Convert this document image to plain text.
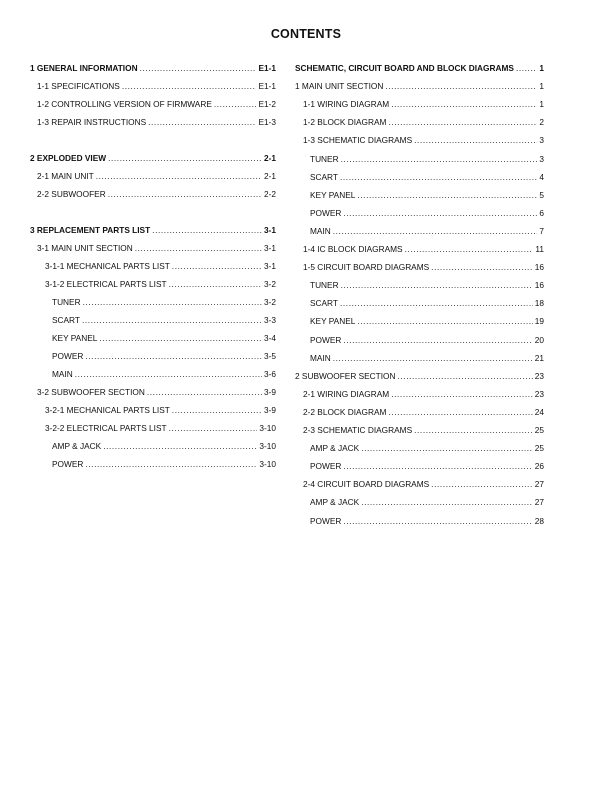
CONTENTS
1 GENERAL INFORMATION .....	E1-1
1-1 SPECIFICATIONS .....	E1-1
1-2 CONTROLLING VERSION OF FIRMWARE .....	E1-2
1-3 REPAIR INSTRUCTIONS .....	E1-3
2 EXPLODED VIEW .....	2-1
2-1 MAIN UNIT .....	2-1
2-2 SUBWOOFER .....	2-2
3 REPLACEMENT PARTS LIST .....	3-1
3-1 MAIN UNIT SECTION .....	3-1
3-1-1 MECHANICAL PARTS LIST .....	3-1
3-1-2 ELECTRICAL PARTS LIST .....	3-2
TUNER .....	3-2
SCART .....	3-3
KEY PANEL .....	3-4
POWER .....	3-5
MAIN .....	3-6
3-2 SUBWOOFER SECTION .....	3-9
3-2-1 MECHANICAL PARTS LIST .....	3-9
3-2-2 ELECTRICAL PARTS LIST .....	3-10
AMP & JACK .....	3-10
POWER .....	3-10
SCHEMATIC, CIRCUIT BOARD AND BLOCK DIAGRAMS .....	1
1 MAIN UNIT SECTION .....	1
1-1 WIRING DIAGRAM .....	1
1-2 BLOCK DIAGRAM .....	2
1-3 SCHEMATIC DIAGRAMS .....	3
TUNER .....	3
SCART .....	4
KEY PANEL .....	5
POWER .....	6
MAIN .....	7
1-4 IC BLOCK DIAGRAMS .....	11
1-5 CIRCUIT BOARD DIAGRAMS .....	16
TUNER .....	16
SCART .....	18
KEY PANEL .....	19
POWER .....	20
MAIN .....	21
2 SUBWOOFER SECTION .....	23
2-1 WIRING DIAGRAM .....	23
2-2 BLOCK DIAGRAM .....	24
2-3 SCHEMATIC DIAGRAMS .....	25
AMP & JACK .....	25
POWER .....	26
2-4 CIRCUIT BOARD DIAGRAMS .....	27
AMP & JACK .....	27
POWER .....	28
